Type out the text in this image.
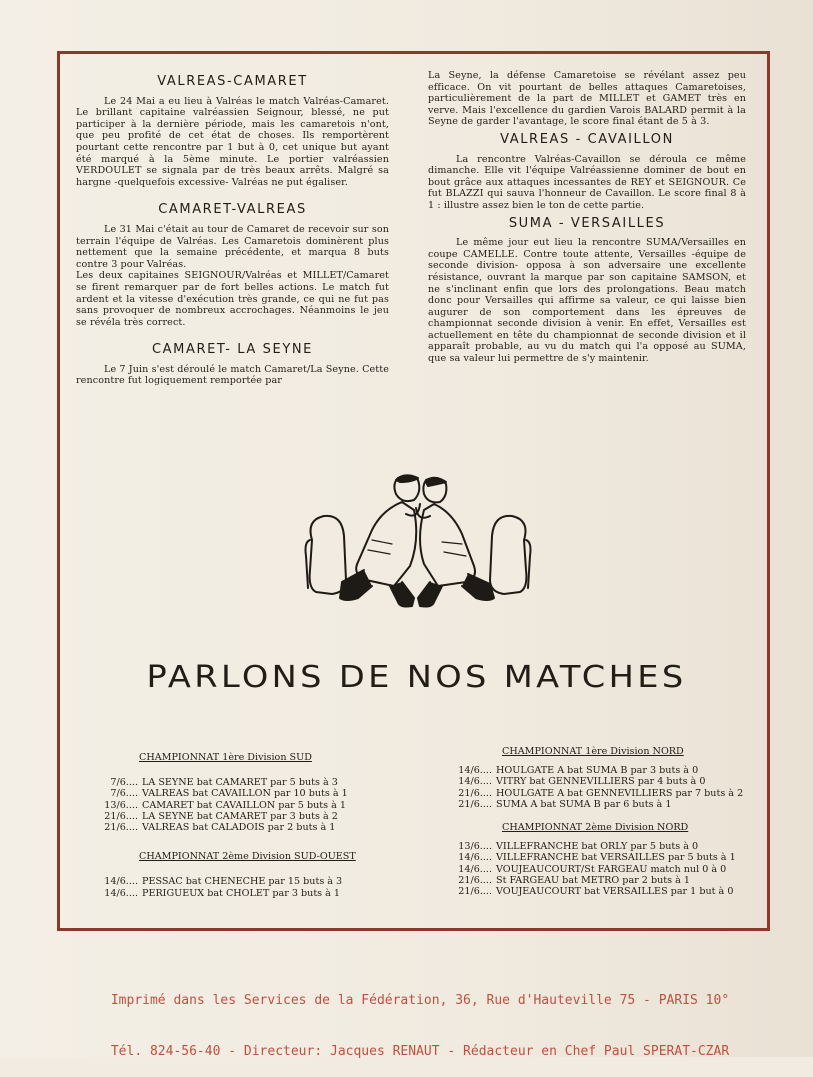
VALREAS-CAMARET

Le 24 Mai a eu lieu à Valréas le match Valréas-Camaret. Le brillant capitaine valréassien Seignour, blessé, ne put participer à la dernière période, mais les camaretois n'ont, que peu profité de cet état de choses. Ils remportèrent pourtant cette rencontre par 1 but à 0, cet unique but ayant été marqué à la 5ème minute. Le portier valréassien VERDOULET se signala par de très beaux arrêts. Malgré sa hargne -quelquefois excessive- Valréas ne put égaliser.

CAMARET-VALREAS

Le 31 Mai c'était au tour de Camaret de recevoir sur son terrain l'équipe de Valréas. Les Camaretois dominèrent plus nettement que la semaine précédente, et marqua 8 buts contre 3 pour Valréas.

Les deux capitaines SEIGNOUR/Valréas et MILLET/Camaret se firent remarquer par de fort belles actions. Le match fut ardent et la vitesse d'exécution très grande, ce qui ne fut pas sans provoquer de nombreux accrochages. Néanmoins le jeu se révéla très correct.

CAMARET- LA SEYNE

Le 7 Juin s'est déroulé le match Camaret/La Seyne. Cette rencontre fut logiquement remportée par

La Seyne, la défense Camaretoise se révélant assez peu efficace. On vit pourtant de belles attaques Camaretoises, particulièrement de la part de MILLET et GAMET très en verve. Mais l'excellence du gardien Varois BALARD permit à la Seyne de garder l'avantage, le score final étant de 5 à 3.

VALREAS - CAVAILLON

La rencontre Valréas-Cavaillon se déroula ce même dimanche. Elle vit l'équipe Valréassienne dominer de bout en bout grâce aux attaques incessantes de REY et SEIGNOUR. Ce fut BLAZZI qui sauva l'honneur de Cavaillon. Le score final 8 à 1 : illustre assez bien le ton de cette partie.

SUMA - VERSAILLES

Le même jour eut lieu la rencontre SUMA/Versailles en coupe CAMELLE. Contre toute attente, Versailles -équipe de seconde division- opposa à son adversaire une excellente résistance, ouvrant la marque par son capitaine SAMSON, et ne s'inclinant enfin que lors des prolongations. Beau match donc pour Versailles qui affirme sa valeur, ce qui laisse bien augurer de son comportement dans les épreuves de championnat seconde division à venir. En effet, Versailles est actuellement en tête du championnat de seconde division et il apparaît probable, au vu du match qui l'a opposé au SUMA, que sa valeur lui permettre de s'y maintenir.

PARLONS DE NOS MATCHES
CHAMPIONNAT 1ère Division SUD
7/6.... LA SEYNE bat CAMARET par 5 buts à 3
7/6.... VALREAS bat CAVAILLON par 10 buts à 1
13/6.... CAMARET bat CAVAILLON par 5 buts à 1
21/6.... LA SEYNE bat CAMARET par 3 buts à 2
21/6.... VALREAS bat CALADOIS par 2 buts à 1
CHAMPIONNAT 2ème Division SUD-OUEST
14/6.... PESSAC bat CHENECHE par 15 buts à 3
14/6.... PERIGUEUX bat CHOLET par 3 buts à 1
CHAMPIONNAT 1ère Division NORD
14/6.... HOULGATE A bat SUMA B par 3 buts à 0
14/6.... VITRY bat GENNEVILLIERS par 4 buts à 0
21/6.... HOULGATE A bat GENNEVILLIERS par 7 buts à 2
21/6.... SUMA A bat SUMA B par 6 buts à 1
CHAMPIONNAT 2ème Division NORD
13/6.... VILLEFRANCHE bat ORLY par 5 buts à 0
14/6.... VILLEFRANCHE bat VERSAILLES par 5 buts à 1
14/6.... VOUJEAUCOURT/St FARGEAU match nul 0 à 0
21/6.... St FARGEAU bat METRO par 2 buts à 1
21/6.... VOUJEAUCOURT bat VERSAILLES par 1 but à 0

Imprimé dans les Services de la Fédération, 36, Rue d'Hauteville 75 - PARIS 10°

Tél. 824-56-40 - Directeur: Jacques RENAUT - Rédacteur en Chef Paul SPERAT-CZAR
